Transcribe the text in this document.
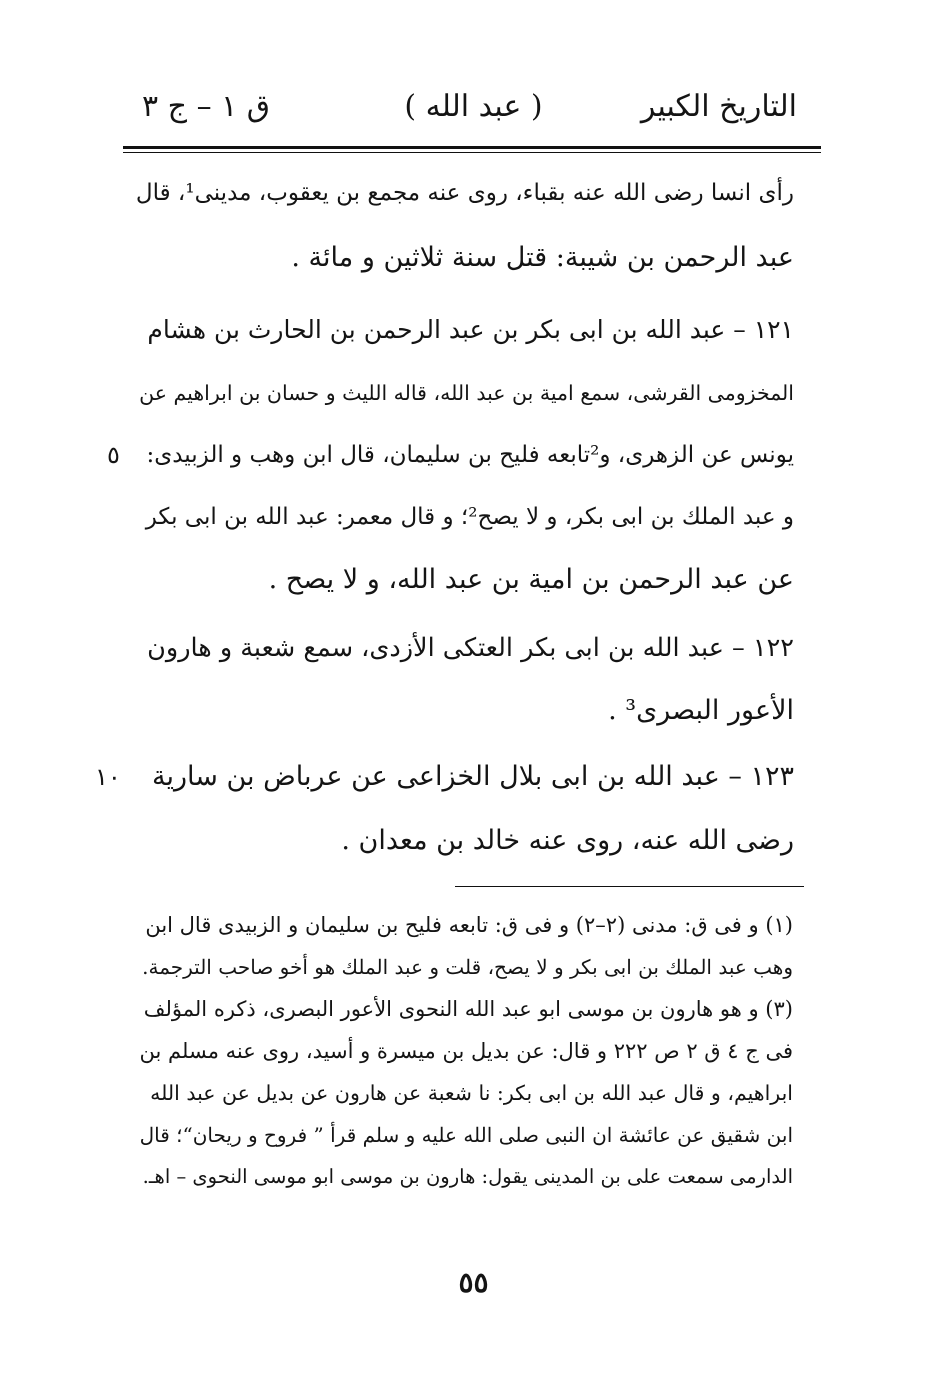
التاريخ الكبير
( عبد الله )
ق ١ – ج ٣
رأى انسا رضى الله عنه بقباء، روى عنه مجمع بن يعقوب، مدينى¹، قال
عبد الرحمن بن شيبة: قتل سنة ثلاثين و مائة .
١٢١ – عبد الله بن ابى بكر بن عبد الرحمن بن الحارث بن هشام
المخزومى القرشى، سمع امية بن عبد الله، قاله الليث و حسان بن ابراهيم عن
يونس عن الزهرى، و²تابعه فليح بن سليمان، قال ابن وهب و الزبيدى:
و عبد الملك بن ابى بكر، و لا يصح²؛ و قال معمر: عبد الله بن ابى بكر
عن عبد الرحمن بن امية بن عبد الله، و لا يصح .
١٢٢ – عبد الله بن ابى بكر العتكى الأزدى، سمع شعبة و هارون
الأعور البصرى³ .
١٢٣ – عبد الله بن ابى بلال الخزاعى عن عرباض بن سارية
رضى الله عنه، روى عنه خالد بن معدان .
٥
١٠
(١) و فى ق: مدنى (٢–٢) و فى ق: تابعه فليح بن سليمان و الزبيدى قال ابن
وهب عبد الملك بن ابى بكر و لا يصح، قلت و عبد الملك هو أخو صاحب الترجمة.
(٣) و هو هارون بن موسى ابو عبد الله النحوى الأعور البصرى، ذكره المؤلف
فى ج ٤ ق ٢ ص ٢٢٢ و قال: عن بديل بن ميسرة و أسيد، روى عنه مسلم بن
ابراهيم، و قال عبد الله بن ابى بكر: نا شعبة عن هارون عن بديل عن عبد الله
ابن شقيق عن عائشة ان النبى صلى الله عليه و سلم قرأ ” فروح و ريحان“؛ قال
الدارمى سمعت على بن المدينى يقول: هارون بن موسى ابو موسى النحوى – اهـ.
٥٥
